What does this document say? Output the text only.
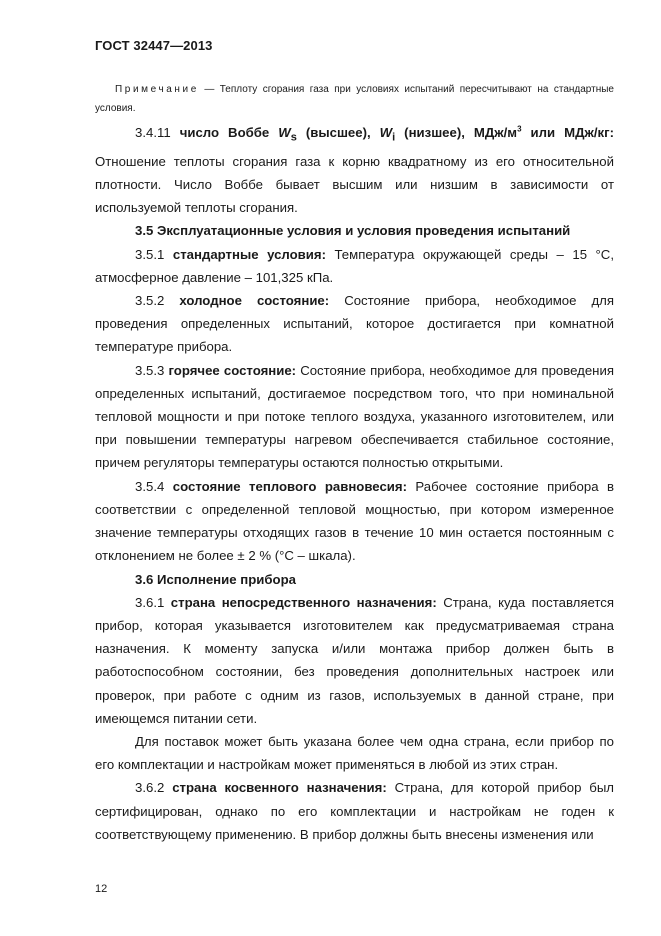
ГОСТ 32447—2013
Примечание — Теплоту сгорания газа при условиях испытаний пересчитывают на стандартные условия.

3.4.11 число Воббе $W_s$ (высшее), $W_i$ (низшее), МДж/$м^3$ или МДж/кг: Отношение теплоты сгорания газа к корню квадратному из его относительной плотности. Число Воббе бывает высшим или низшим в зависимости от используемой теплоты сгорания.

3.5 Эксплуатационные условия и условия проведения испытаний

3.5.1 стандартные условия: Температура окружающей среды – 15 °С, атмосферное давление – 101,325 кПа.

3.5.2 холодное состояние: Состояние прибора, необходимое для проведения определенных испытаний, которое достигается при комнатной температуре прибора.

3.5.3 горячее состояние: Состояние прибора, необходимое для проведения определенных испытаний, достигаемое посредством того, что при номинальной тепловой мощности и при потоке теплого воздуха, указанного изготовителем, или при повышении температуры нагревом обеспечивается стабильное состояние, причем регуляторы температуры остаются полностью открытыми.

3.5.4 состояние теплового равновесия: Рабочее состояние прибора в соответствии с определенной тепловой мощностью, при котором измеренное значение температуры отходящих газов в течение 10 мин остается постоянным с отклонением не более ± 2 % (°С – шкала).

3.6 Исполнение прибора

3.6.1 страна непосредственного назначения: Страна, куда поставляется прибор, которая указывается изготовителем как предусматриваемая страна назначения. К моменту запуска и/или монтажа прибор должен быть в работоспособном состоянии, без проведения дополнительных настроек или проверок, при работе с одним из газов, используемых в данной стране, при имеющемся питании сети.

Для поставок может быть указана более чем одна страна, если прибор по его комплектации и настройкам может применяться в любой из этих стран.

3.6.2 страна косвенного назначения: Страна, для которой прибор был сертифицирован, однако по его комплектации и настройкам не годен к соответствующему применению. В прибор должны быть внесены изменения или

12
